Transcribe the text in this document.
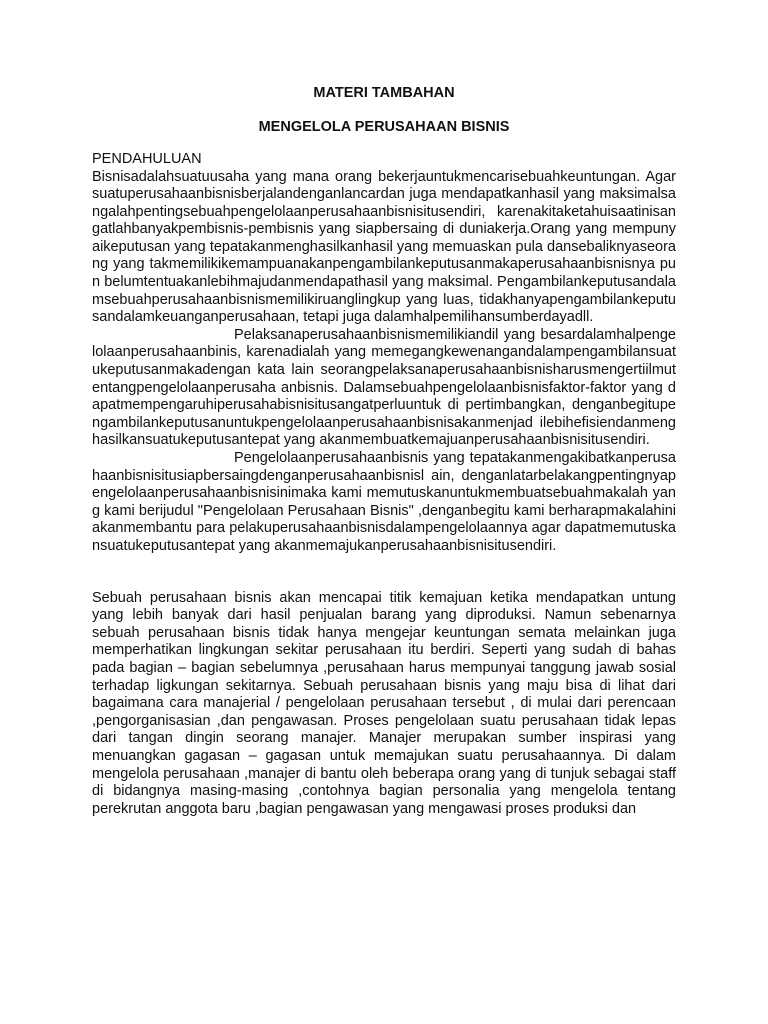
MATERI TAMBAHAN
MENGELOLA PERUSAHAAN BISNIS

PENDAHULUAN

Bisnisadalahsuatuusaha yang mana orang bekerjauntukmencarisebuahkeuntungan. Agar suatuperusahaanbisnisberjalandenganlancardan juga mendapatkanhasil yang maksimalsangalahpentingsebuahpengelolaanperusahaanbisnisitusendiri, karenakitaketahuisaatinisangatlahbanyakpembisnis-pembisnis yang siapbersaing di duniakerja.Orang yang mempunyaikeputusan yang tepatakanmenghasilkanhasil yang memuaskan pula dansebaliknyaseorang yang takmemilikikemampuanakanpengambilankeputusanmakaperusahaanbisnisnya pun belumtentuakanlebihmajudanmendapathasil yang maksimal. Pengambilankeputusandalamsebuahperusahaanbisnismemilikiruanglingkup yang luas, tidakhanyapengambilankeputusandalamkeuanganperusahaan, tetapi juga dalamhalpemilihansumberdayadll.

Pelaksanaperusahaanbisnismemilikiandil yang besardalamhalpengelolaanperusahaanbinis, karenadialah yang memegangkewenangandalampengambilansuatukeputusanmakadengan kata lain seorangpelaksanaperusahaanbisnisharusmengertiilmutentangpengelolaanperusaha anbisnis. Dalamsebuahpengelolaanbisnisfaktor-faktor yang dapatmempengaruhiperusahabisnisitusangatperluuntuk di pertimbangkan, denganbegitupengambilankeputusanuntukpengelolaanperusahaanbisnisakanmenjad ilebihefisiendanmenghasilkansuatukeputusantepat yang akanmembuatkemajuanperusahaanbisnisitusendiri.

Pengelolaanperusahaanbisnis yang tepatakanmengakibatkanperusahaanbisnisitusiapbersaingdenganperusahaanbisnisl ain, denganlatarbelakangpentingnyapengelolaanperusahaanbisnisinimaka kami memutuskanuntukmembuatsebuahmakalah yang kami berijudul "Pengelolaan Perusahaan Bisnis" ,denganbegitu kami berharapmakalahiniakanmembantu para pelakuperusahaanbisnisdalampengelolaannya agar dapatmemutuskansuatukeputusantepat yang akanmemajukanperusahaanbisnisitusendiri.

Sebuah perusahaan bisnis akan mencapai titik kemajuan ketika mendapatkan untung yang lebih banyak dari hasil penjualan barang yang diproduksi. Namun sebenarnya sebuah perusahaan bisnis tidak hanya mengejar keuntungan semata melainkan juga memperhatikan lingkungan sekitar perusahaan itu berdiri. Seperti yang sudah di bahas pada bagian – bagian sebelumnya ,perusahaan harus mempunyai tanggung jawab sosial terhadap ligkungan sekitarnya. Sebuah perusahaan bisnis yang maju bisa di lihat dari bagaimana cara manajerial / pengelolaan perusahaan tersebut , di mulai dari perencaan ,pengorganisasian ,dan pengawasan. Proses pengelolaan suatu perusahaan tidak lepas dari tangan dingin seorang manajer. Manajer merupakan sumber inspirasi yang menuangkan gagasan – gagasan untuk memajukan suatu perusahaannya. Di dalam mengelola perusahaan ,manajer di bantu oleh beberapa orang yang di tunjuk sebagai staff di bidangnya masing-masing ,contohnya bagian personalia yang mengelola tentang perekrutan anggota baru ,bagian pengawasan yang mengawasi proses produksi dan
